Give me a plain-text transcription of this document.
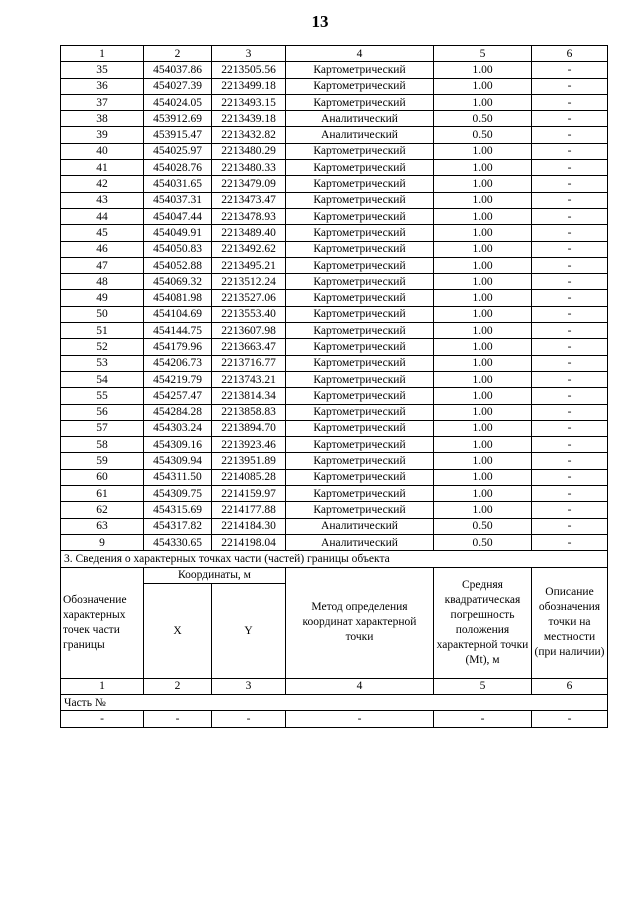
13
1	2	3	4	5	6
35	454037.86	2213505.56	Картометрический	1.00	-
36	454027.39	2213499.18	Картометрический	1.00	-
37	454024.05	2213493.15	Картометрический	1.00	-
38	453912.69	2213439.18	Аналитический	0.50	-
39	453915.47	2213432.82	Аналитический	0.50	-
40	454025.97	2213480.29	Картометрический	1.00	-
41	454028.76	2213480.33	Картометрический	1.00	-
42	454031.65	2213479.09	Картометрический	1.00	-
43	454037.31	2213473.47	Картометрический	1.00	-
44	454047.44	2213478.93	Картометрический	1.00	-
45	454049.91	2213489.40	Картометрический	1.00	-
46	454050.83	2213492.62	Картометрический	1.00	-
47	454052.88	2213495.21	Картометрический	1.00	-
48	454069.32	2213512.24	Картометрический	1.00	-
49	454081.98	2213527.06	Картометрический	1.00	-
50	454104.69	2213553.40	Картометрический	1.00	-
51	454144.75	2213607.98	Картометрический	1.00	-
52	454179.96	2213663.47	Картометрический	1.00	-
53	454206.73	2213716.77	Картометрический	1.00	-
54	454219.79	2213743.21	Картометрический	1.00	-
55	454257.47	2213814.34	Картометрический	1.00	-
56	454284.28	2213858.83	Картометрический	1.00	-
57	454303.24	2213894.70	Картометрический	1.00	-
58	454309.16	2213923.46	Картометрический	1.00	-
59	454309.94	2213951.89	Картометрический	1.00	-
60	454311.50	2214085.28	Картометрический	1.00	-
61	454309.75	2214159.97	Картометрический	1.00	-
62	454315.69	2214177.88	Картометрический	1.00	-
63	454317.82	2214184.30	Аналитический	0.50	-
9	454330.65	2214198.04	Аналитический	0.50	-
3. Сведения о характерных точках части (частей) границы объекта					
Обозначение характерных точек части границы	Координаты, м		Метод определения координат характерной точки	Средняя квадратическая погрешность положения характерной точки (Мt), м	Описание обозначения точки на местности (при наличии)
	X	Y			
1	2	3	4	5	6
Часть №					
-	-	-	-	-	-
